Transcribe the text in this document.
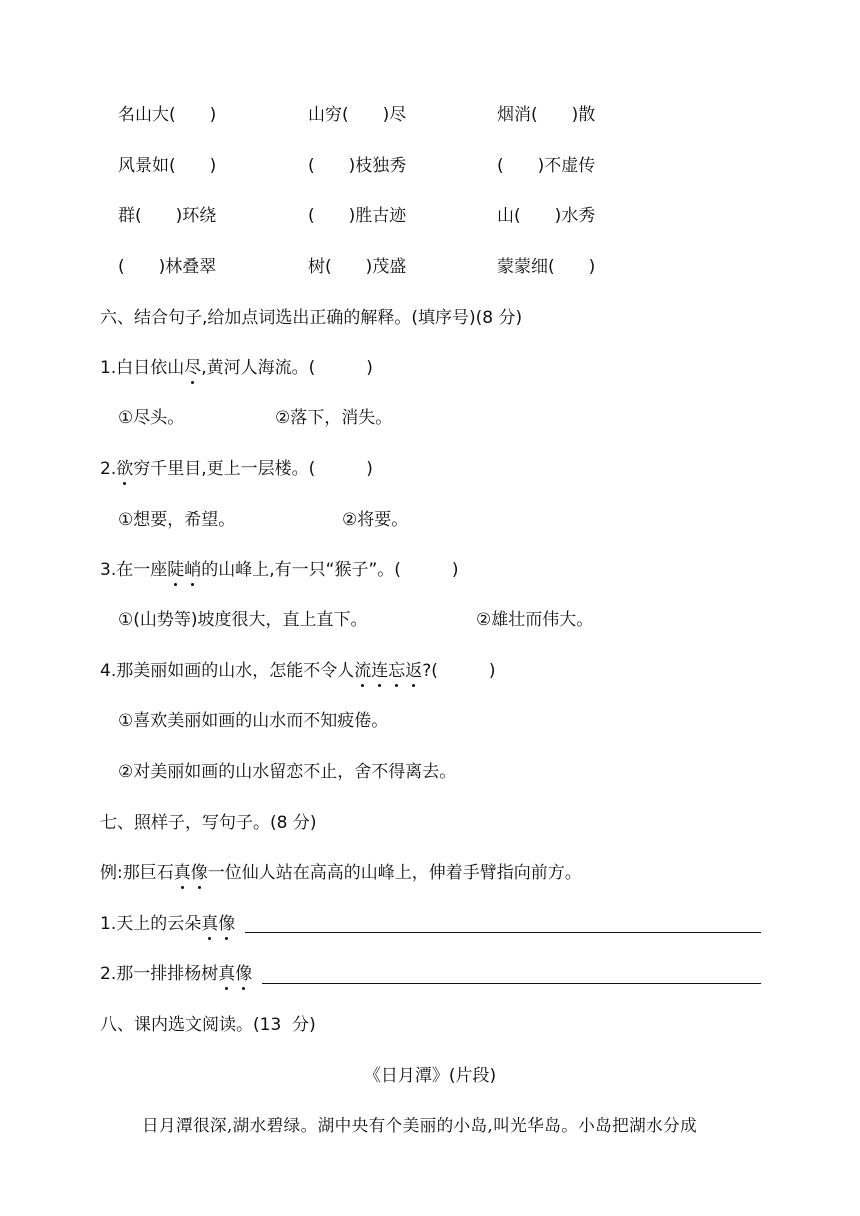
名山大(　　)	山穷(　　)尽	烟消(　　)散
风景如(　　)	(　　)枝独秀	(　　)不虚传
群(　　)环绕	(　　)胜古迹	山(　　)水秀
(　　)林叠翠	树(　　)茂盛	蒙蒙细(　　)
六、结合句子,给加点词选出正确的解释。(填序号)(8 分)
1.白日依山尽,黄河人海流。(　　　)
①尽头。	②落下，消失。
2.欲穷千里目,更上一层楼。(　　　)
①想要，希望。	②将要。
3.在一座陡峭的山峰上,有一只“猴子”。(　　　)
①(山势等)坡度很大，直上直下。	②雄壮而伟大。
4.那美丽如画的山水，怎能不令人流连忘返?(　　　)
①喜欢美丽如画的山水而不知疲倦。
②对美丽如画的山水留恋不止，舍不得离去。
七、照样子，写句子。(8 分)
例:那巨石真像一位仙人站在高高的山峰上，伸着手臂指向前方。
1.天上的云朵真像
2.那一排排杨树真像
八、课内选文阅读。(13  分)
《日月潭》(片段)
日月潭很深,湖水碧绿。湖中央有个美丽的小岛,叫光华岛。小岛把湖水分成
